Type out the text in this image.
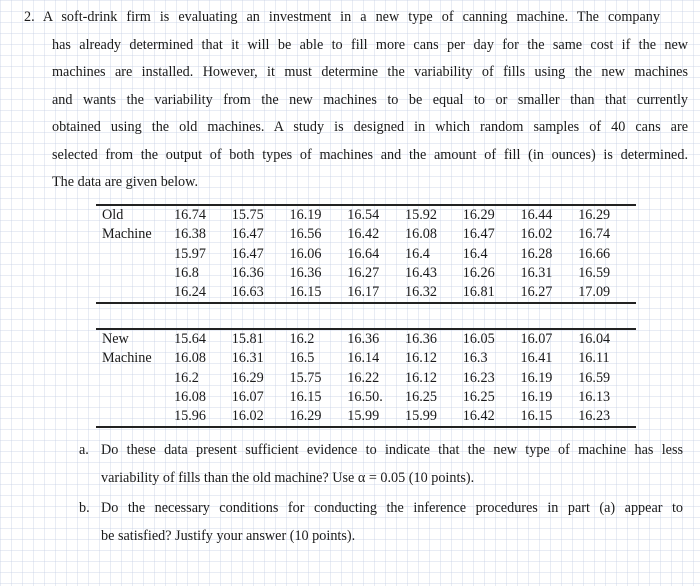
2. A soft-drink firm is evaluating an investment in a new type of canning machine. The company
has already determined that it will be able to fill more cans per day for the same cost if the new
machines are installed. However, it must determine the variability of fills using the new machines
and wants the variability from the new machines to be equal to or smaller than that currently
obtained using the old machines. A study is designed in which random samples of 40 cans are
selected from the output of both types of machines and the amount of fill (in ounces) is determined.
The data are given below.
Old	16.74	15.75	16.19	16.54	15.92	16.29	16.44	16.29
Machine	16.38	16.47	16.56	16.42	16.08	16.47	16.02	16.74
	15.97	16.47	16.06	16.64	16.4	16.4	16.28	16.66
	16.8	16.36	16.36	16.27	16.43	16.26	16.31	16.59
	16.24	16.63	16.15	16.17	16.32	16.81	16.27	17.09
New	15.64	15.81	16.2	16.36	16.36	16.05	16.07	16.04
Machine	16.08	16.31	16.5	16.14	16.12	16.3	16.41	16.11
	16.2	16.29	15.75	16.22	16.12	16.23	16.19	16.59
	16.08	16.07	16.15	16.50.	16.25	16.25	16.19	16.13
	15.96	16.02	16.29	15.99	15.99	16.42	16.15	16.23
a. Do these data present sufficient evidence to indicate that the new type of machine has less
variability of fills than the old machine? Use α = 0.05 (10 points).
b. Do the necessary conditions for conducting the inference procedures in part (a) appear to
be satisfied? Justify your answer (10 points).
